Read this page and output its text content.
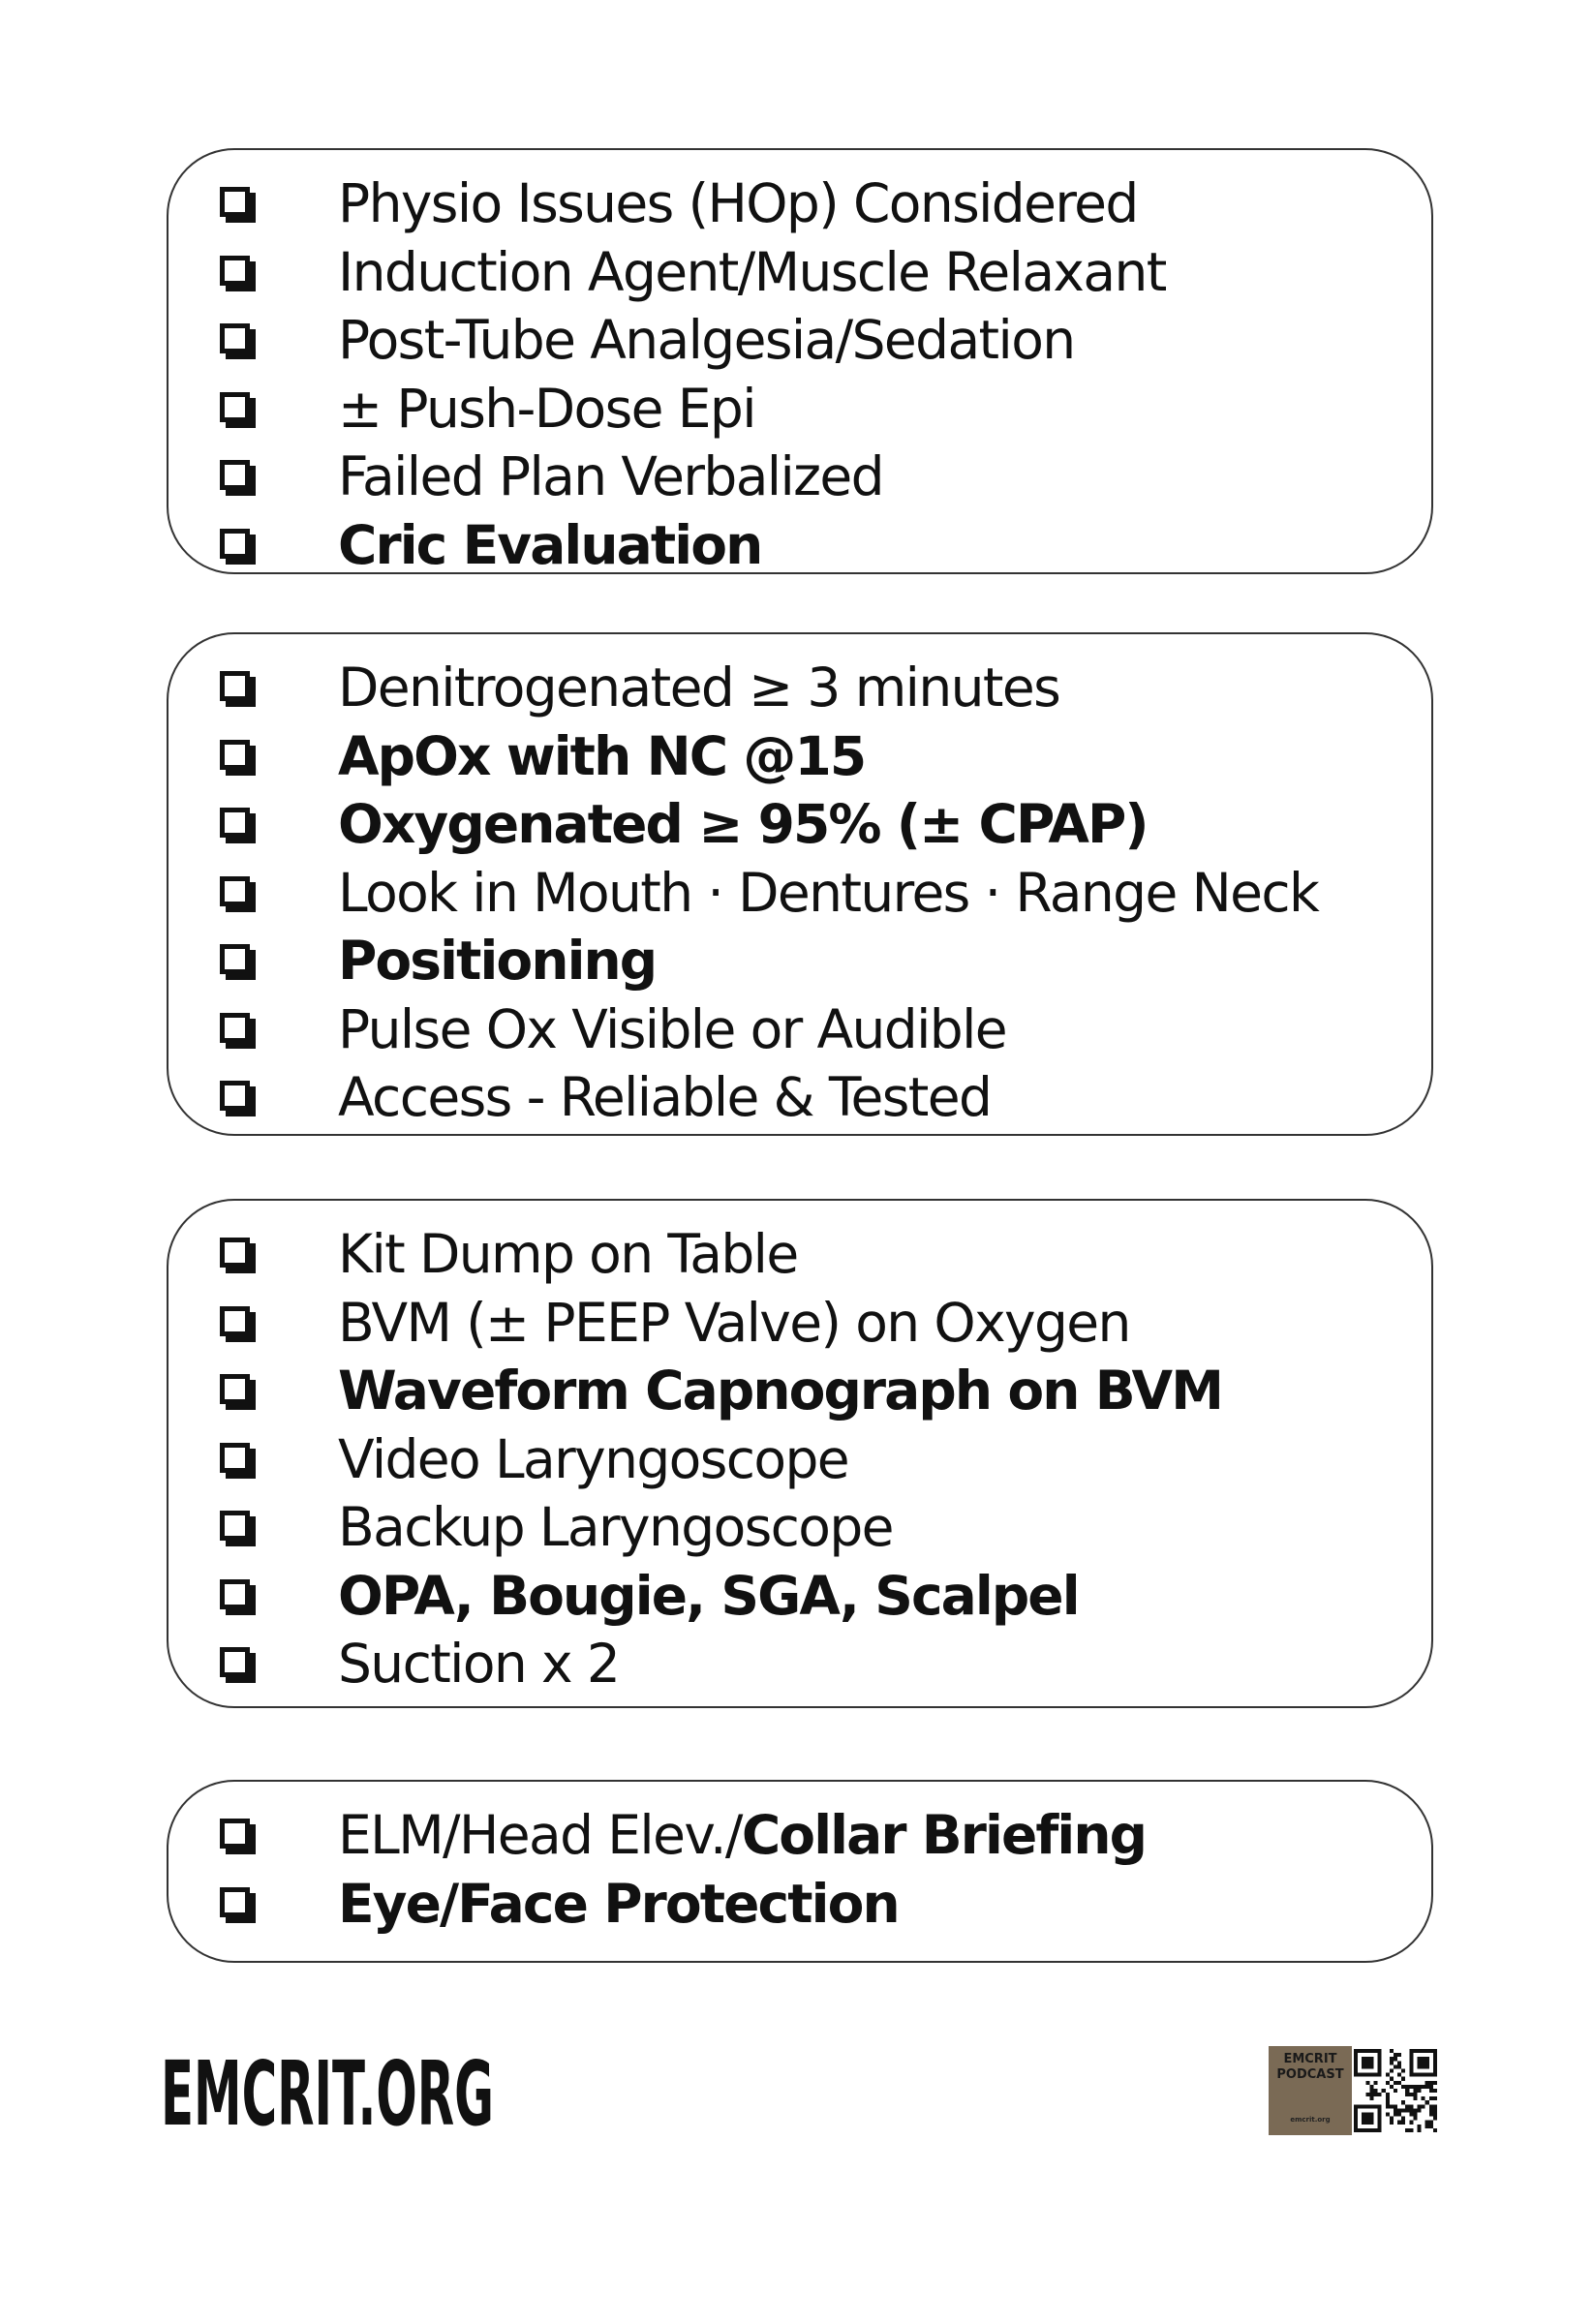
Physio Issues (HOp) Considered
Induction Agent/Muscle Relaxant
Post-Tube Analgesia/Sedation
± Push-Dose Epi
Failed Plan Verbalized
Cric Evaluation
Denitrogenated ≥ 3 minutes
ApOx with NC @15
Oxygenated ≥ 95% (± CPAP)
Look in Mouth · Dentures · Range Neck
Positioning
Pulse Ox Visible or Audible
Access - Reliable & Tested
Kit Dump on Table
BVM (± PEEP Valve) on Oxygen
Waveform Capnograph on BVM
Video Laryngoscope
Backup Laryngoscope
OPA, Bougie, SGA, Scalpel
Suction x 2
ELM/Head Elev./Collar Briefing
Eye/Face Protection
EMCRIT.ORG	EMCRIT
PODCAST
emcrit.org
